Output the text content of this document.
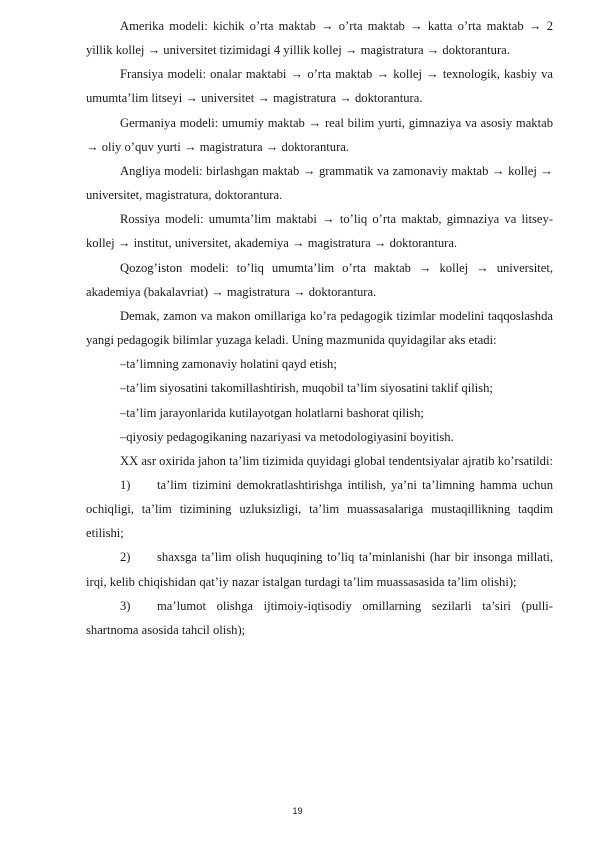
Amerika modeli: kichik o’rta maktab → o’rta maktab → katta o’rta maktab → 2 yillik kollej → universitet tizimidagi 4 yillik kollej → magistratura → doktorantura.

Fransiya modeli: onalar maktabi → o’rta maktab → kollej → texnologik, kasbiy va umumta’lim litseyi → universitet → magistratura → doktorantura.

Germaniya modeli: umumiy maktab → real bilim yurti, gimnaziya va asosiy maktab → oliy o’quv yurti → magistratura → doktorantura.

Angliya modeli: birlashgan maktab → grammatik va zamonaviy maktab → kollej → universitet, magistratura, doktorantura.

Rossiya modeli: umumta’lim maktabi → to’liq o’rta maktab, gimnaziya va litsey-kollej → institut, universitet, akademiya → magistratura → doktorantura.

Qozog’iston modeli: to’liq umumta’lim o’rta maktab → kollej → universitet, akademiya (bakalavriat) → magistratura → doktorantura.

Demak, zamon va makon omillariga ko’ra pedagogik tizimlar modelini taqqoslashda yangi pedagogik bilimlar yuzaga keladi. Uning mazmunida quyidagilar aks etadi:

–ta’limning zamonaviy holatini qayd etish;

–ta’lim siyosatini takomillashtirish, muqobil ta’lim siyosatini taklif qilish;

–ta’lim jarayonlarida kutilayotgan holatlarni bashorat qilish;

–qiyosiy pedagogikaning nazariyasi va metodologiyasini boyitish.

XX asr oxirida jahon ta’lim tizimida quyidagi global tendentsiyalar ajratib ko’rsatildi:

1) ta’lim tizimini demokratlashtirishga intilish, ya’ni ta’limning hamma uchun ochiqligi, ta’lim tizimining uzluksizligi, ta’lim muassasalariga mustaqillikning taqdim etilishi;

2) shaxsga ta’lim olish huquqining to’liq ta’minlanishi (har bir insonga millati, irqi, kelib chiqishidan qat’iy nazar istalgan turdagi ta’lim muassasasida ta’lim olishi);

3) ma’lumot olishga ijtimoiy-iqtisodiy omillarning sezilarli ta’siri (pulli-shartnoma asosida tahcil olish);

19
